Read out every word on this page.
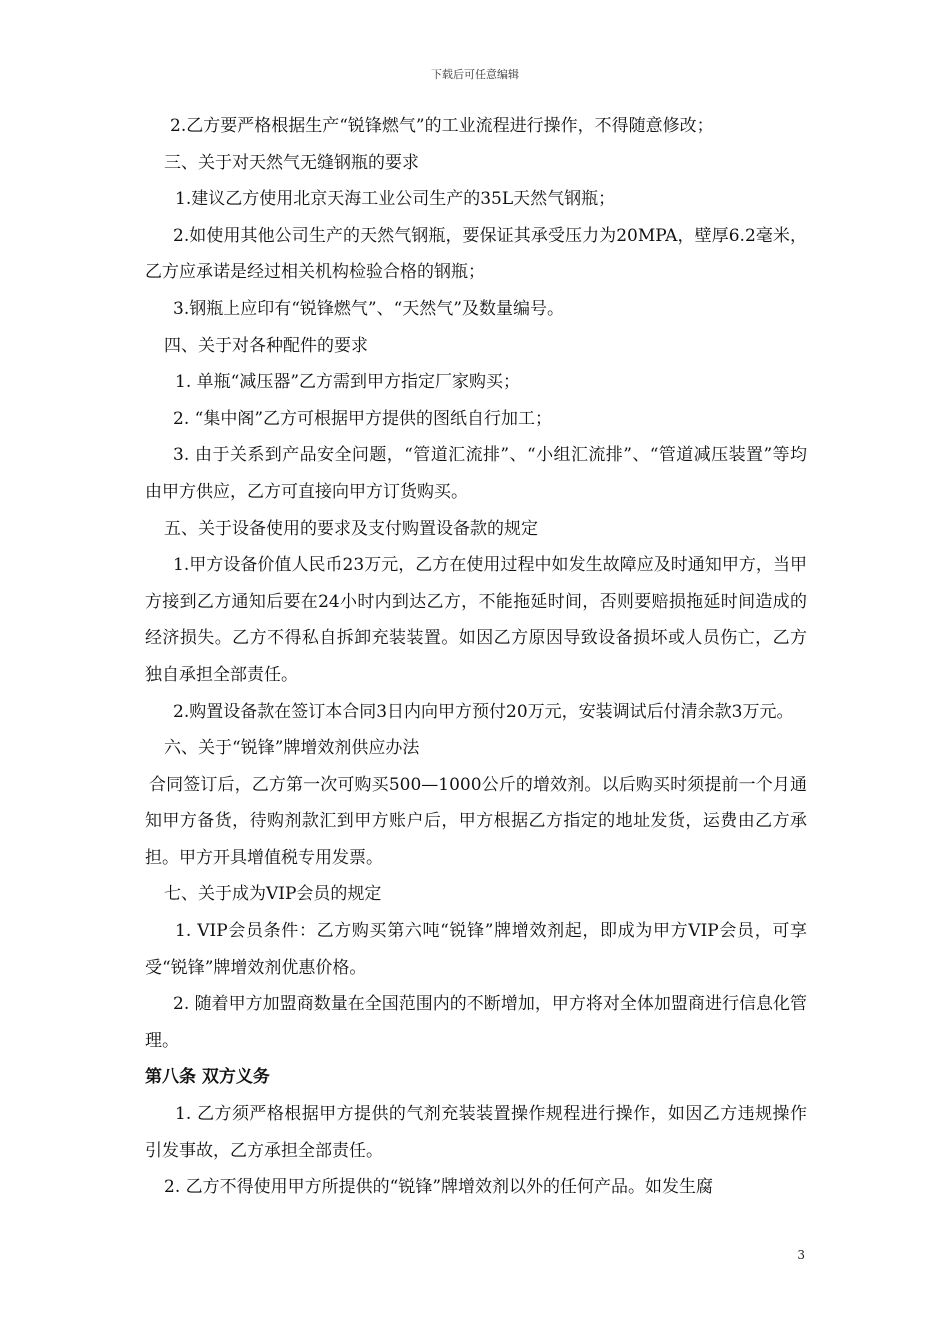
下载后可任意编辑

2.乙方要严格根据生产“锐锋燃气”的工业流程进行操作，不得随意修改；

三、关于对天然气无缝钢瓶的要求

1.建议乙方使用北京天海工业公司生产的35L天然气钢瓶；

2.如使用其他公司生产的天然气钢瓶，要保证其承受压力为20MPA，壁厚6.2毫米，乙方应承诺是经过相关机构检验合格的钢瓶；

3.钢瓶上应印有“锐锋燃气”、“天然气”及数量编号。

四、关于对各种配件的要求

1. 单瓶“减压器”乙方需到甲方指定厂家购买；

2. “集中阁”乙方可根据甲方提供的图纸自行加工；

3. 由于关系到产品安全问题，“管道汇流排”、“小组汇流排”、“管道减压装置”等均由甲方供应，乙方可直接向甲方订货购买。

五、关于设备使用的要求及支付购置设备款的规定

1.甲方设备价值人民币23万元，乙方在使用过程中如发生故障应及时通知甲方，当甲方接到乙方通知后要在24小时内到达乙方，不能拖延时间，否则要赔损拖延时间造成的经济损失。乙方不得私自拆卸充装装置。如因乙方原因导致设备损坏或人员伤亡，乙方独自承担全部责任。

2.购置设备款在签订本合同3日内向甲方预付20万元，安装调试后付清余款3万元。

六、关于“锐锋”牌增效剂供应办法

合同签订后，乙方第一次可购买500—1000公斤的增效剂。以后购买时须提前一个月通知甲方备货，待购剂款汇到甲方账户后，甲方根据乙方指定的地址发货，运费由乙方承担。甲方开具增值税专用发票。

七、关于成为VIP会员的规定

1. VIP会员条件：乙方购买第六吨“锐锋”牌增效剂起，即成为甲方VIP会员，可享受“锐锋”牌增效剂优惠价格。

2. 随着甲方加盟商数量在全国范围内的不断增加，甲方将对全体加盟商进行信息化管理。

第八条 双方义务

1. 乙方须严格根据甲方提供的气剂充装装置操作规程进行操作，如因乙方违规操作引发事故，乙方承担全部责任。

2. 乙方不得使用甲方所提供的“锐锋”牌增效剂以外的任何产品。如发生腐

3
